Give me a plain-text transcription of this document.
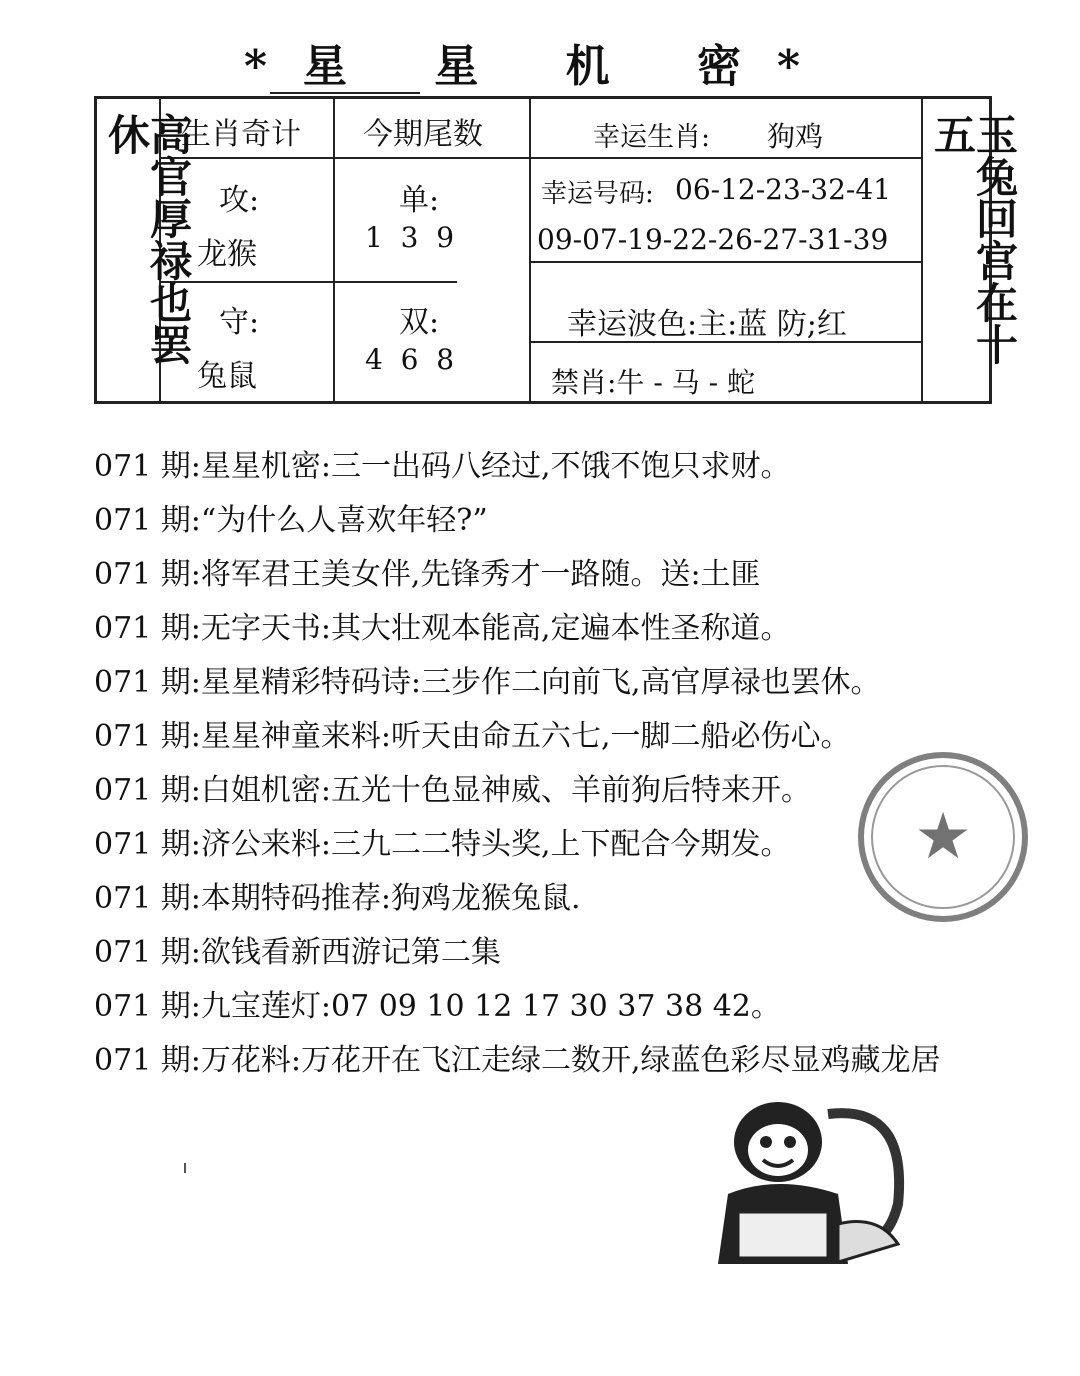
*星 星 机 密*
高官厚禄也罢休	玉兔回宫在十五
生肖奇计 今期尾数	幸运生肖: 狗鸡
攻:
龙猴
单:
1  3  9
幸运号码: 06-12-23-32-41
09-07-19-22-26-27-31-39
守:
兔鼠
双:
4  6  8
幸运波色:主:蓝 防;红
禁肖:牛 - 马 - 蛇
071 期:星星机密:三一出码八经过,不饿不饱只求财。
071 期:“为什么人喜欢年轻?”
071 期:将军君王美女伴,先锋秀才一路随。送:土匪
071 期:无字天书:其大壮观本能高,定遍本性圣称道。
071 期:星星精彩特码诗:三步作二向前飞,高官厚禄也罢休。
071 期:星星神童来料:听天由命五六七,一脚二船必伤心。
071 期:白姐机密:五光十色显神威、羊前狗后特来开。
071 期:济公来料:三九二二特头奖,上下配合今期发。
071 期:本期特码推荐:狗鸡龙猴兔鼠.
071 期:欲钱看新西游记第二集
071 期:九宝莲灯:07 09 10 12 17 30 37 38 42。
071 期:万花料:万花开在飞江走绿二数开,绿蓝色彩尽显鸡藏龙居
★
